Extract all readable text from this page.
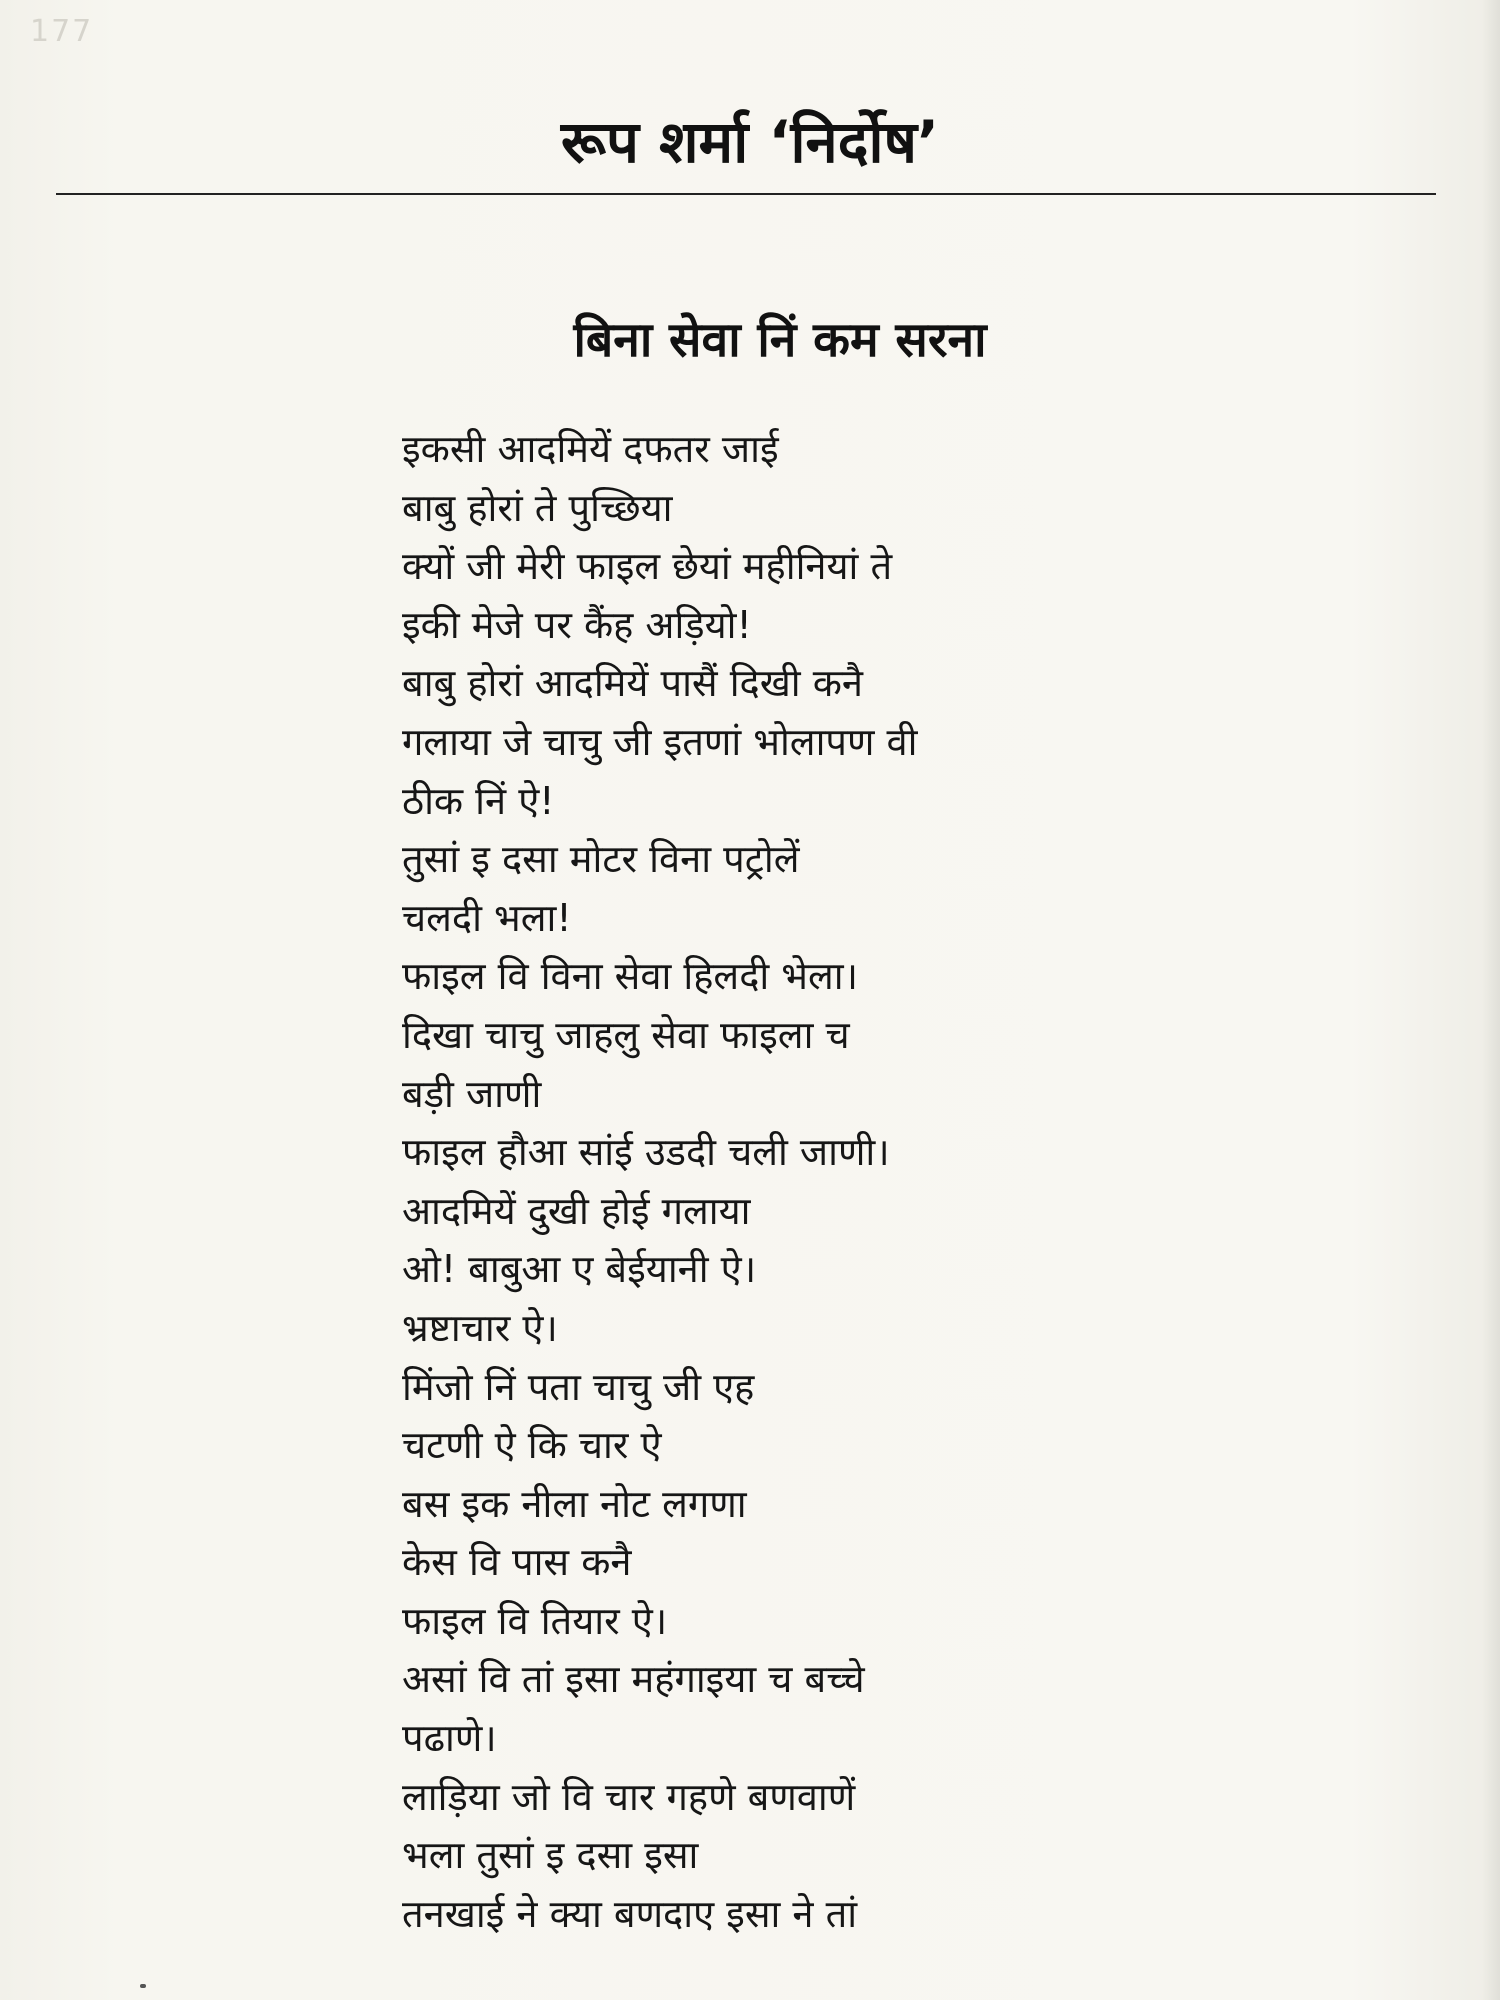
177
रूप शर्मा ‘निर्दोष’
बिना सेवा निं कम सरना
इकसी आदमियें दफतर जाई
बाबु होरां ते पुच्छिया
क्यों जी मेरी फाइल छेयां महीनियां ते
इकी मेजे पर कैंह अड़ियो!
बाबु होरां आदमियें पासैं दिखी कनै
गलाया जे चाचु जी इतणां भोलापण वी
ठीक निं ऐ!
तुसां इ दसा मोटर विना पट्रोलें
चलदी भला!
फाइल वि विना सेवा हिलदी भेला।
दिखा चाचु जाहलु सेवा फाइला च
बड़ी जाणी
फाइल हौआ सांई उडदी चली जाणी।
आदमियें दुखी होई गलाया
ओ! बाबुआ ए बेईयानी ऐ।
भ्रष्टाचार ऐ।
मिंजो निं पता चाचु जी एह
चटणी ऐ कि चार ऐ
बस इक नीला नोट लगणा
केस वि पास कनै
फाइल वि तियार ऐ।
असां वि तां इसा महंगाइया च बच्चे
पढाणे।
लाड़िया जो वि चार गहणे बणवाणें
भला तुसां इ दसा इसा
तनखाई ने क्या बणदाए इसा ने तां
